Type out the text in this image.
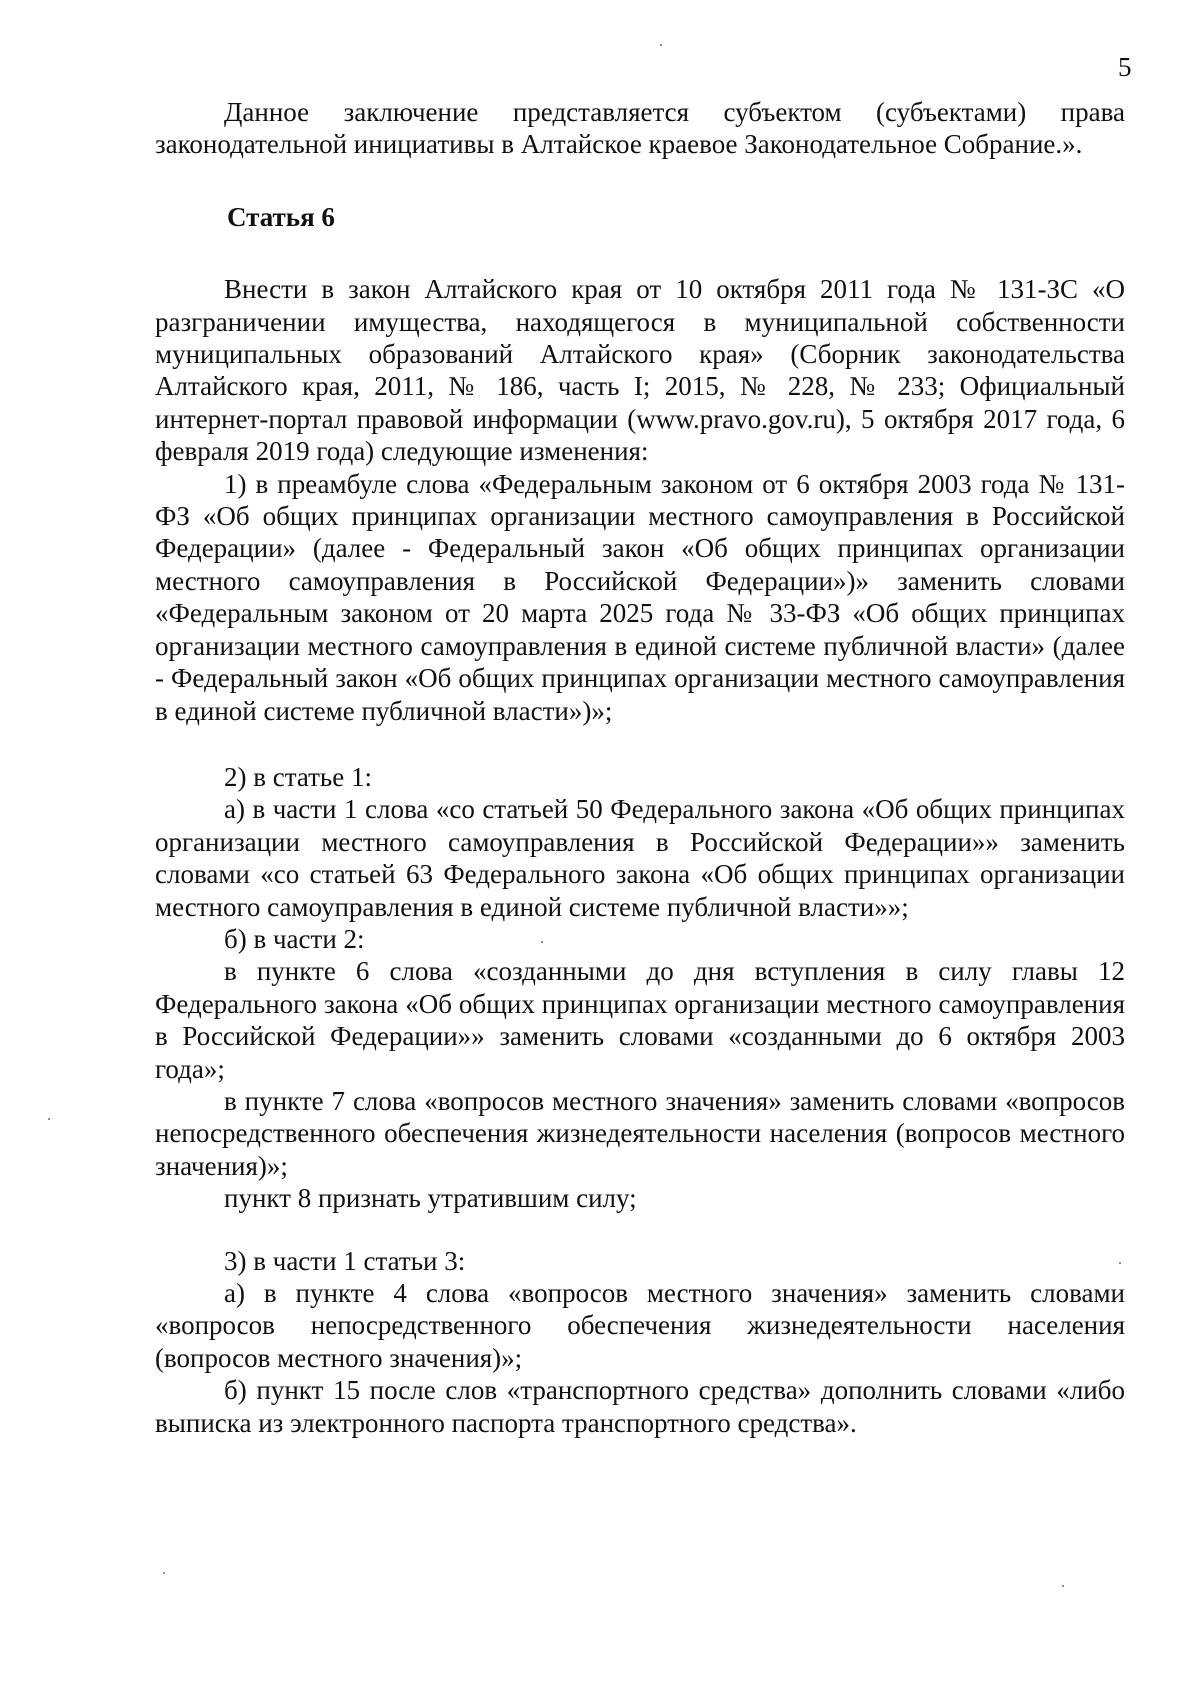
5

Данное заключение представляется субъектом (субъектами) права законодательной инициативы в Алтайское краевое Законодательное Собрание.».

Статья 6

Внести в закон Алтайского края от 10 октября 2011 года № 131-ЗС «О разграничении имущества, находящегося в муниципальной собственности муниципальных образований Алтайского края» (Сборник законодательства Алтайского края, 2011, № 186, часть I; 2015, № 228, № 233; Официальный интернет-портал правовой информации (www.pravo.gov.ru), 5 октября 2017 года, 6 февраля 2019 года) следующие изменения:

1) в преамбуле слова «Федеральным законом от 6 октября 2003 года № 131-ФЗ «Об общих принципах организации местного самоуправления в Российской Федерации» (далее - Федеральный закон «Об общих принципах организации местного самоуправления в Российской Федерации»)» заменить словами «Федеральным законом от 20 марта 2025 года № 33-ФЗ «Об общих принципах организации местного самоуправления в единой системе публичной власти» (далее - Федеральный закон «Об общих принципах организации местного самоуправления в единой системе публичной власти»)»;

2) в статье 1:

а) в части 1 слова «со статьей 50 Федерального закона «Об общих принципах организации местного самоуправления в Российской Федерации»» заменить словами «со статьей 63 Федерального закона «Об общих принципах организации местного самоуправления в единой системе публичной власти»»;

б) в части 2:

в пункте 6 слова «созданными до дня вступления в силу главы 12 Федерального закона «Об общих принципах организации местного самоуправления в Российской Федерации»» заменить словами «созданными до 6 октября 2003 года»;

в пункте 7 слова «вопросов местного значения» заменить словами «вопросов непосредственного обеспечения жизнедеятельности населения (вопросов местного значения)»;

пункт 8 признать утратившим силу;

3) в части 1 статьи 3:

а) в пункте 4 слова «вопросов местного значения» заменить словами «вопросов непосредственного обеспечения жизнедеятельности населения (вопросов местного значения)»;

б) пункт 15 после слов «транспортного средства» дополнить словами «либо выписка из электронного паспорта транспортного средства».
